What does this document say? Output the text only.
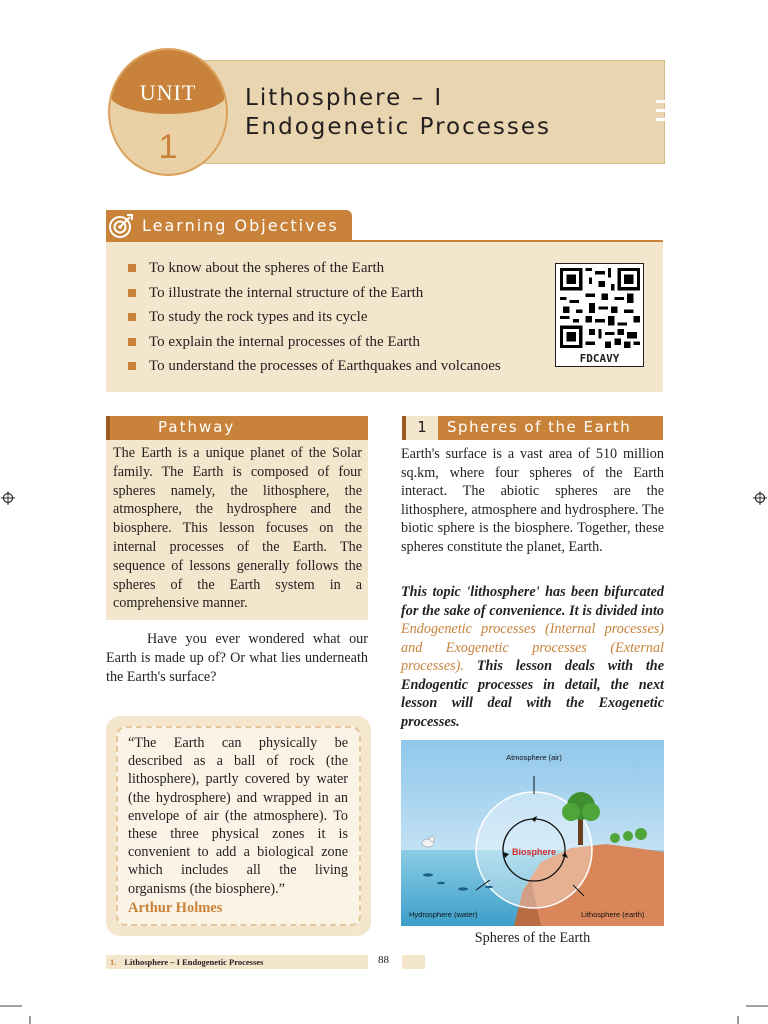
UNIT
1
Lithosphere – I
Endogenetic Processes
Learning Objectives
To know about the spheres of the Earth
To illustrate the internal structure of the Earth
To study the rock types and its cycle
To explain the internal processes of the Earth
To understand the processes of Earthquakes and volcanoes	FDCAVY
Pathway
The Earth is a unique planet of the Solar family. The Earth is composed of four spheres namely, the lithosphere, the atmosphere, the hydrosphere and the biosphere. This lesson focuses on the internal processes of the Earth. The sequence of lessons generally follows the spheres of the Earth system in a comprehensive manner.
Have you ever wondered what our Earth is made up of? Or what lies underneath the Earth's surface?
“The Earth can physically be described as a ball of rock (the lithosphere), partly covered by water (the hydrosphere) and wrapped in an envelope of air (the atmosphere). To these three physical zones it is convenient to add a biological zone which includes all the living organisms (the biosphere).”
Arthur Holmes
1	Spheres of the Earth
Earth's surface is a vast area of 510 million sq.km, where four spheres of the Earth interact. The abiotic spheres are the lithosphere, atmosphere and hydrosphere. The biotic sphere is the biosphere. Together, these spheres constitute the planet, Earth.
This topic 'lithosphere' has been bifurcated for the sake of convenience. It is divided into Endogenetic processes (Internal processes) and Exogenetic processes (External processes). This lesson deals with the Endogentic processes in detail, the next lesson will deal with the Exogenetic processes.
Atmosphere (air)
Biosphere
Hydrosphere (water)	Lithosphere (earth)
Spheres of the Earth
1. Lithosphere – I Endogenetic Processes	88
